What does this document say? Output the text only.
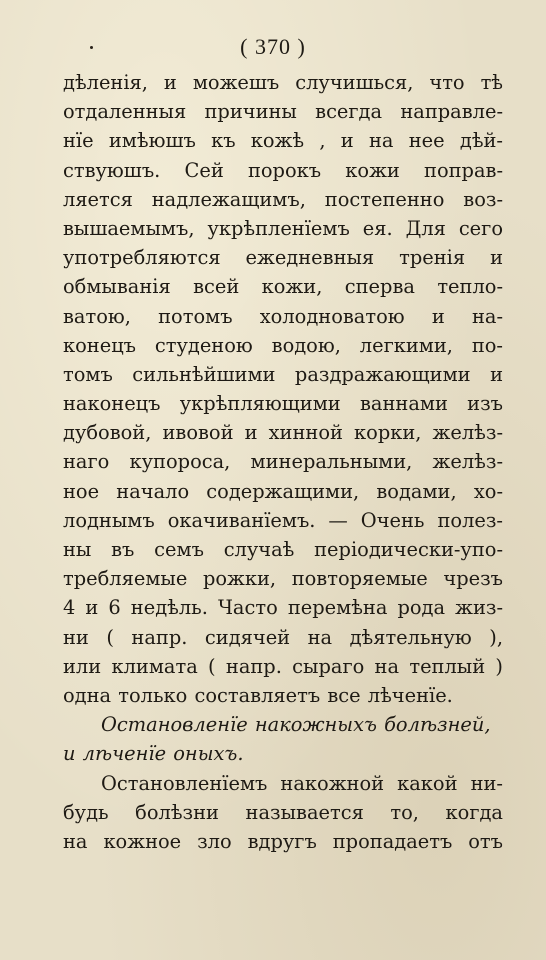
( 370 )
дѣленія, и можешъ случишься, что тѣ
отдаленныя причины всегда направле-
нïе имѣюшъ къ кожѣ , и на нее дѣй-
ствуюшъ. Сей порокъ кожи поправ-
ляется надлежащимъ, постепенно воз-
вышаемымъ, укрѣпленïемъ ея. Для сего
употребляются ежедневныя тренія и
обмыванія всей кожи, сперва тепло-
ватою, потомъ холодноватою и на-
конецъ студеною водою, легкими, по-
томъ сильнѣйшими раздражающими и
наконецъ укрѣпляющими ваннами изъ
дубовой, ивовой и хинной корки, желѣз-
наго купороса, минеральными, желѣз-
ное начало содержащими, водами, хо-
лоднымъ окачиванïемъ. — Очень полез-
ны въ семъ случаѣ періодически-упо-
требляемые рожки, повторяемые чрезъ
4 и 6 недѣль. Часто перемѣна рода жиз-
ни ( напр. сидячей на дѣятельную ),
или климата ( напр. сыраго на теплый )
одна только составляетъ все лѣченïе.
Остановленïе накожныхъ болѣзней,
и лѣченïе оныхъ.
Остановленïемъ накожной какой ни-
будь болѣзни называется то, когда
на кожное зло вдругъ пропадаетъ отъ
